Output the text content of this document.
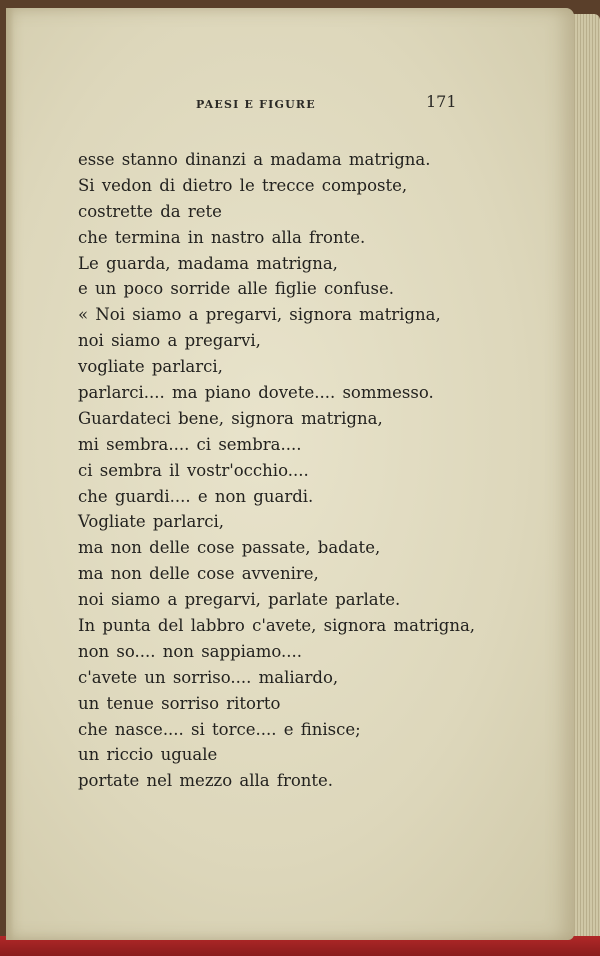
PAESI E FIGURE	171
esse stanno dinanzi a madama matrigna.
Si vedon di dietro le trecce composte,
costrette da rete
che termina in nastro alla fronte.
Le guarda, madama matrigna,
e un poco sorride alle figlie confuse.
« Noi siamo a pregarvi, signora matrigna,
noi siamo a pregarvi,
vogliate parlarci,
parlarci.... ma piano dovete.... sommesso.
Guardateci bene, signora matrigna,
mi sembra.... ci sembra....
ci sembra il vostr'occhio....
che guardi.... e non guardi.
Vogliate parlarci,
ma non delle cose passate, badate,
ma non delle cose avvenire,
noi siamo a pregarvi, parlate parlate.
In punta del labbro c'avete, signora matrigna,
non so.... non sappiamo....
c'avete un sorriso.... maliardo,
un tenue sorriso ritorto
che nasce.... si torce.... e finisce;
un riccio uguale
portate nel mezzo alla fronte.
